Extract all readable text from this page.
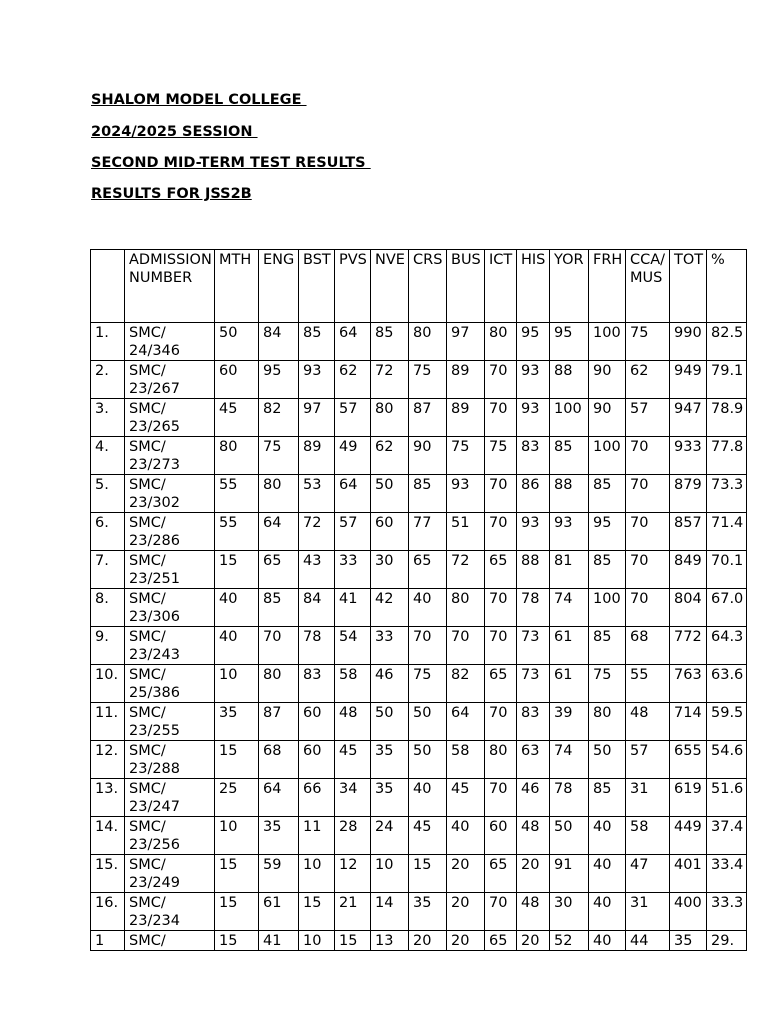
SHALOM MODEL COLLEGE

2024/2025 SESSION

SECOND MID-TERM TEST RESULTS

RESULTS FOR JSS2B

	ADMISSION NUMBER	MTH	ENG	BST	PVS	NVE	CRS	BUS	ICT	HIS	YOR	FRH	CCA/ MUS	TOT	%
1.	SMC/ 24/346	50	84	85	64	85	80	97	80	95	95	100	75	990	82.5
2.	SMC/ 23/267	60	95	93	62	72	75	89	70	93	88	90	62	949	79.1
3.	SMC/ 23/265	45	82	97	57	80	87	89	70	93	100	90	57	947	78.9
4.	SMC/ 23/273	80	75	89	49	62	90	75	75	83	85	100	70	933	77.8
5.	SMC/ 23/302	55	80	53	64	50	85	93	70	86	88	85	70	879	73.3
6.	SMC/ 23/286	55	64	72	57	60	77	51	70	93	93	95	70	857	71.4
7.	SMC/ 23/251	15	65	43	33	30	65	72	65	88	81	85	70	849	70.1
8.	SMC/ 23/306	40	85	84	41	42	40	80	70	78	74	100	70	804	67.0
9.	SMC/ 23/243	40	70	78	54	33	70	70	70	73	61	85	68	772	64.3
10.	SMC/ 25/386	10	80	83	58	46	75	82	65	73	61	75	55	763	63.6
11.	SMC/ 23/255	35	87	60	48	50	50	64	70	83	39	80	48	714	59.5
12.	SMC/ 23/288	15	68	60	45	35	50	58	80	63	74	50	57	655	54.6
13.	SMC/ 23/247	25	64	66	34	35	40	45	70	46	78	85	31	619	51.6
14.	SMC/ 23/256	10	35	11	28	24	45	40	60	48	50	40	58	449	37.4
15.	SMC/ 23/249	15	59	10	12	10	15	20	65	20	91	40	47	401	33.4
16.	SMC/ 23/234	15	61	15	21	14	35	20	70	48	30	40	31	400	33.3
1	SMC/	15	41	10	15	13	20	20	65	20	52	40	44	35	29.
